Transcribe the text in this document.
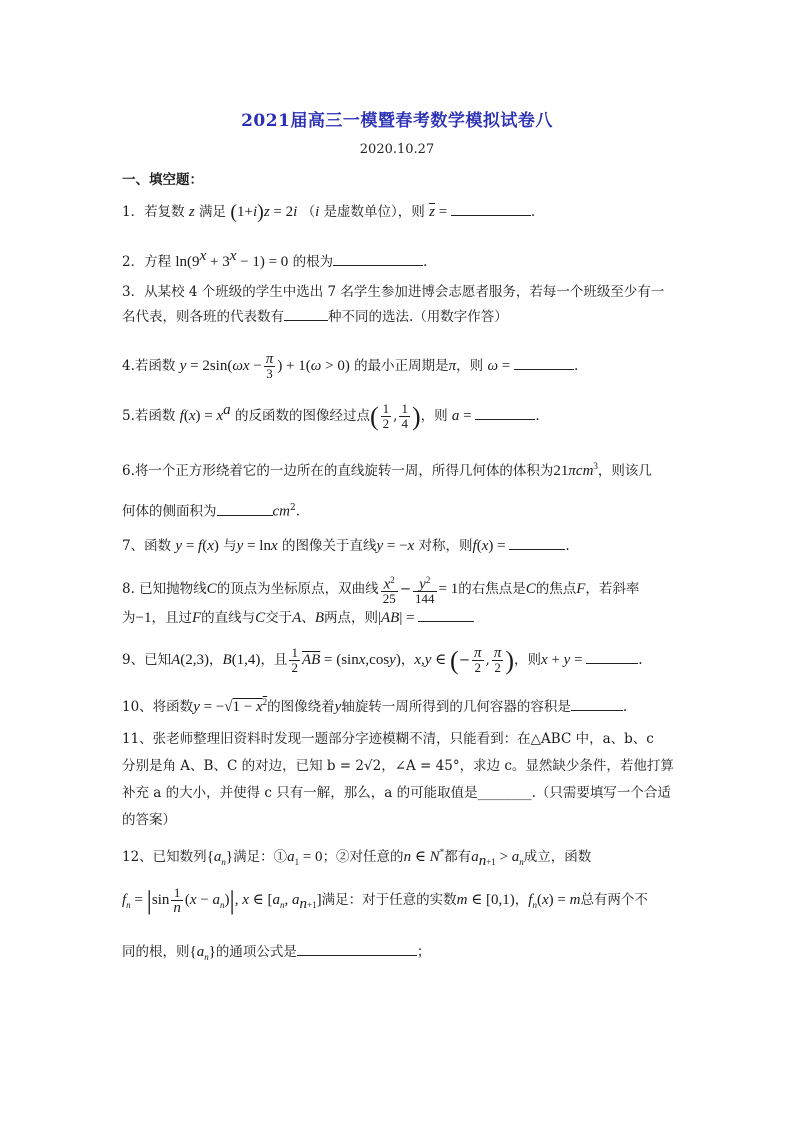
2021届高三一模暨春考数学模拟试卷八
2020.10.27
一、填空题：
1．若复数 z 满足 (1+i)z = 2i （i 是虚数单位），则 $\overline{z}$ =	.
2．方程 $\ln(9^x + 3^x - 1) = 0$ 的根为	.
3．从某校 4 个班级的学生中选出 7 名学生参加进博会志愿者服务，若每一个班级至少有一
名代表，则各班的代表数有	种不同的选法.（用数字作答）
4.若函数 $y = 2\sin(\omega x - \frac{\pi}{3}$ ) + 1(ω > 0) 的最小正周期是π，则 ω =	.
5.若函数 $f(x) = x^a$ 的反函数的图像经过点( $\frac{1}{2}$ , $\frac{1}{4}$ )，则 a =	.
6.将一个正方形绕着它的一边所在的直线旋转一周，所得几何体的体积为21πcm$^3$，则该几
何体的侧面积为	$cm^2$.
7、函数 y = f(x) 与y = lnx 的图像关于直线y = −x 对称，则f(x) =	.
8. 已知抛物线C的顶点为坐标原点，双曲线 $\frac{x^2}{25} - \frac{y^2}{144} = 1$的右焦点是C的焦点F，若斜率
为−1，且过F的直线与C交于A、B两点，则|AB| =
9、已知A(2,3)，B(1,4)，且 $\frac{1}{2} \overline{AB} = (\sin x,\cos y)$，x,y ∈ (− $\frac{\pi}{2}$ , $\frac{\pi}{2}$ )，则x + y =	.
10、将函数$y = -√1 - x^2$的图像绕着y轴旋转一周所得到的几何容器的容积是	.
11、张老师整理旧资料时发现一题部分字迹模糊不清，只能看到：在△ABC 中，a、b、c
分别是角 A、B、C 的对边，已知 b = 2√2，∠A = 45°，求边 c。显然缺少条件，若他打算
补充 a 的大小，并使得 c 只有一解，那么，a 的可能取值是________.（只需要填写一个合适
的答案）
12、已知数列$\{a_n\}$满足：$①a_1 = 0$；②对任意的n ∈ N*都有$a_{n+1} > a_n$成立，函数
$f_n = |\sin \frac{1}{n} (x - a_n)|$, x ∈ [$a_n$, $a_{n+1}$]满足：对于任意的实数m ∈ [0,1)，$f_n(x) = m$总有两个不
同的根，则$\{a_n\}$的通项公式是	；
